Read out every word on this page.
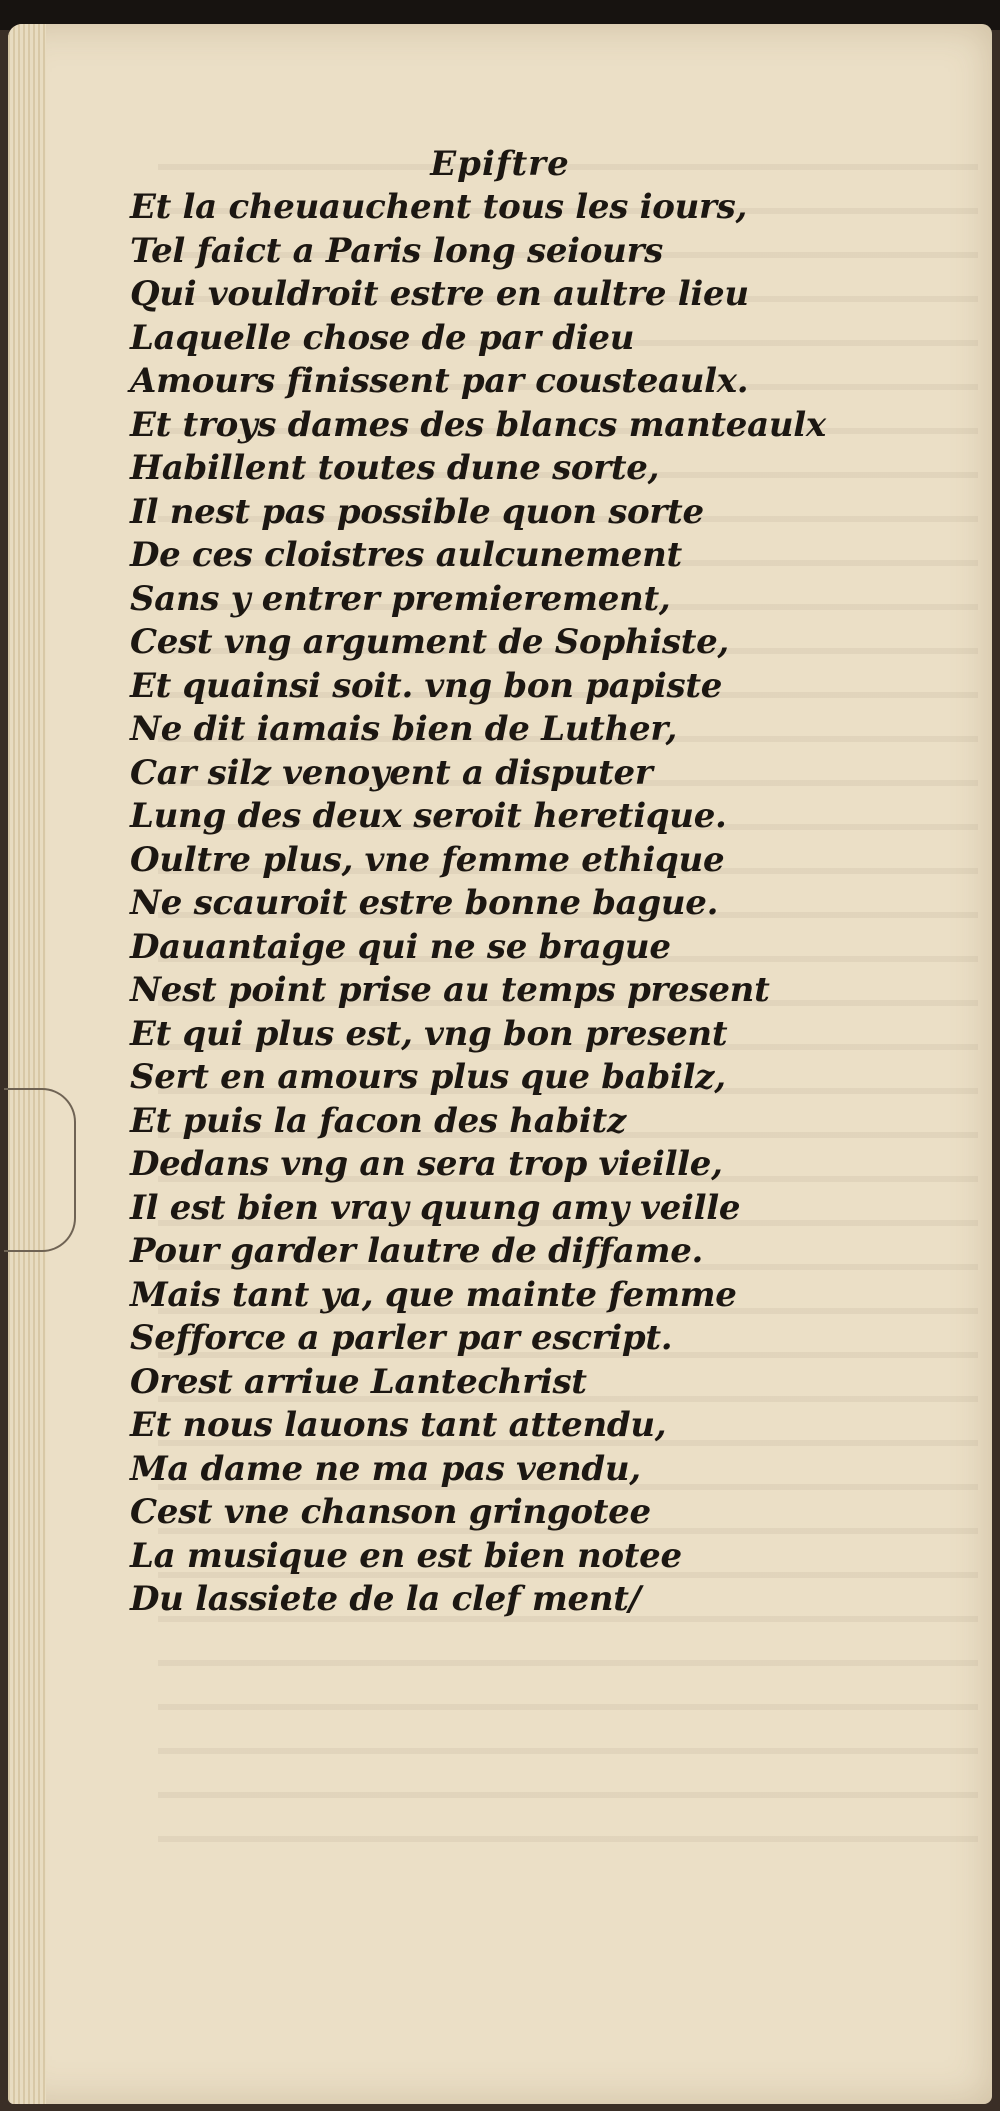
Epiftre
Et la cheuauchent tous les iours,
Tel faict a Paris long seiours
Qui vouldroit estre en aultre lieu
Laquelle chose de par dieu
Amours finissent par cousteaulx.
Et troys dames des blancs manteaulx
Habillent toutes dune sorte,
Il nest pas possible quon sorte
De ces cloistres aulcunement
Sans y entrer premierement,
Cest vng argument de Sophiste,
Et quainsi soit. vng bon papiste
Ne dit iamais bien de Luther,
Car silz venoyent a disputer
Lung des deux seroit heretique.
Oultre plus, vne femme ethique
Ne scauroit estre bonne bague.
Dauantaige qui ne se brague
Nest point prise au temps present
Et qui plus est, vng bon present
Sert en amours plus que babilz,
Et puis la facon des habitz
Dedans vng an sera trop vieille,
Il est bien vray quung amy veille
Pour garder lautre de diffame.
Mais tant ya, que mainte femme
Sefforce a parler par escript.
Orest arriue Lantechrist
Et nous lauons tant attendu,
Ma dame ne ma pas vendu,
Cest vne chanson gringotee
La musique en est bien notee
Du lassiete de la clef ment/
